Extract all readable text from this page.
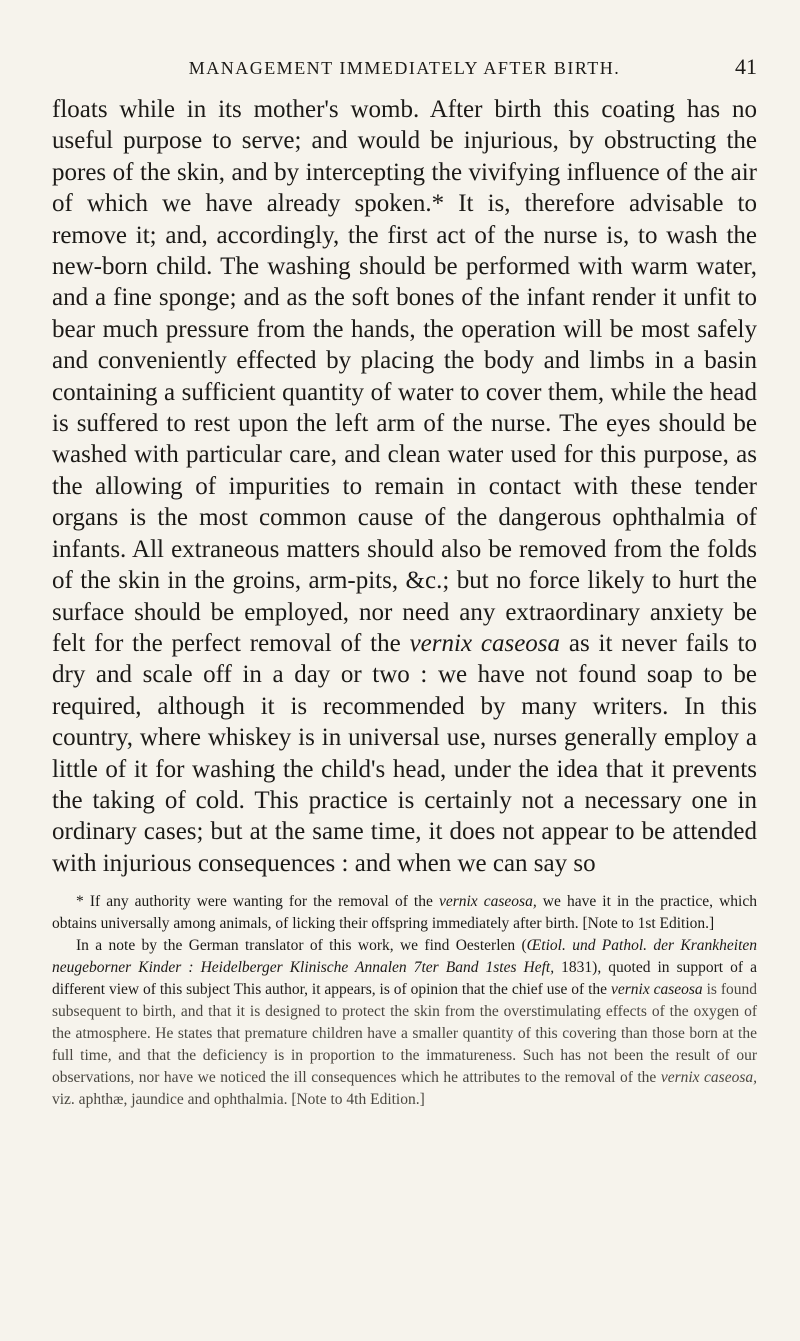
MANAGEMENT IMMEDIATELY AFTER BIRTH.	41
floats while in its mother's womb. After birth this coating has no useful purpose to serve; and would be injurious, by obstructing the pores of the skin, and by intercepting the vivifying influence of the air of which we have already spoken.* It is, therefore advisable to remove it; and, accordingly, the first act of the nurse is, to wash the new-born child. The washing should be performed with warm water, and a fine sponge; and as the soft bones of the infant render it unfit to bear much pressure from the hands, the operation will be most safely and conveniently effected by placing the body and limbs in a basin containing a sufficient quantity of water to cover them, while the head is suffered to rest upon the left arm of the nurse. The eyes should be washed with particular care, and clean water used for this purpose, as the allowing of impurities to remain in contact with these tender organs is the most common cause of the dangerous ophthalmia of infants. All extraneous matters should also be removed from the folds of the skin in the groins, arm-pits, &c.; but no force likely to hurt the surface should be employed, nor need any extraordinary anxiety be felt for the perfect removal of the vernix caseosa as it never fails to dry and scale off in a day or two : we have not found soap to be required, although it is recommended by many writers. In this country, where whiskey is in universal use, nurses generally employ a little of it for washing the child's head, under the idea that it prevents the taking of cold. This practice is certainly not a necessary one in ordinary cases; but at the same time, it does not appear to be attended with injurious consequences : and when we can say so

* If any authority were wanting for the removal of the vernix caseosa, we have it in the practice, which obtains universally among animals, of licking their offspring immediately after birth. [Note to 1st Edition.]

In a note by the German translator of this work, we find Oesterlen (Œtiol. und Pathol. der Krankheiten neugeborner Kinder : Heidelberger Klinische Annalen 7ter Band 1stes Heft, 1831), quoted in support of a different view of this subject This author, it appears, is of opinion that the chief use of the vernix caseosa is found subsequent to birth, and that it is designed to protect the skin from the overstimulating effects of the oxygen of the atmosphere. He states that premature children have a smaller quantity of this covering than those born at the full time, and that the deficiency is in proportion to the immatureness. Such has not been the result of our observations, nor have we noticed the ill consequences which he attributes to the removal of the vernix caseosa, viz. aphthæ, jaundice and ophthalmia. [Note to 4th Edition.]
